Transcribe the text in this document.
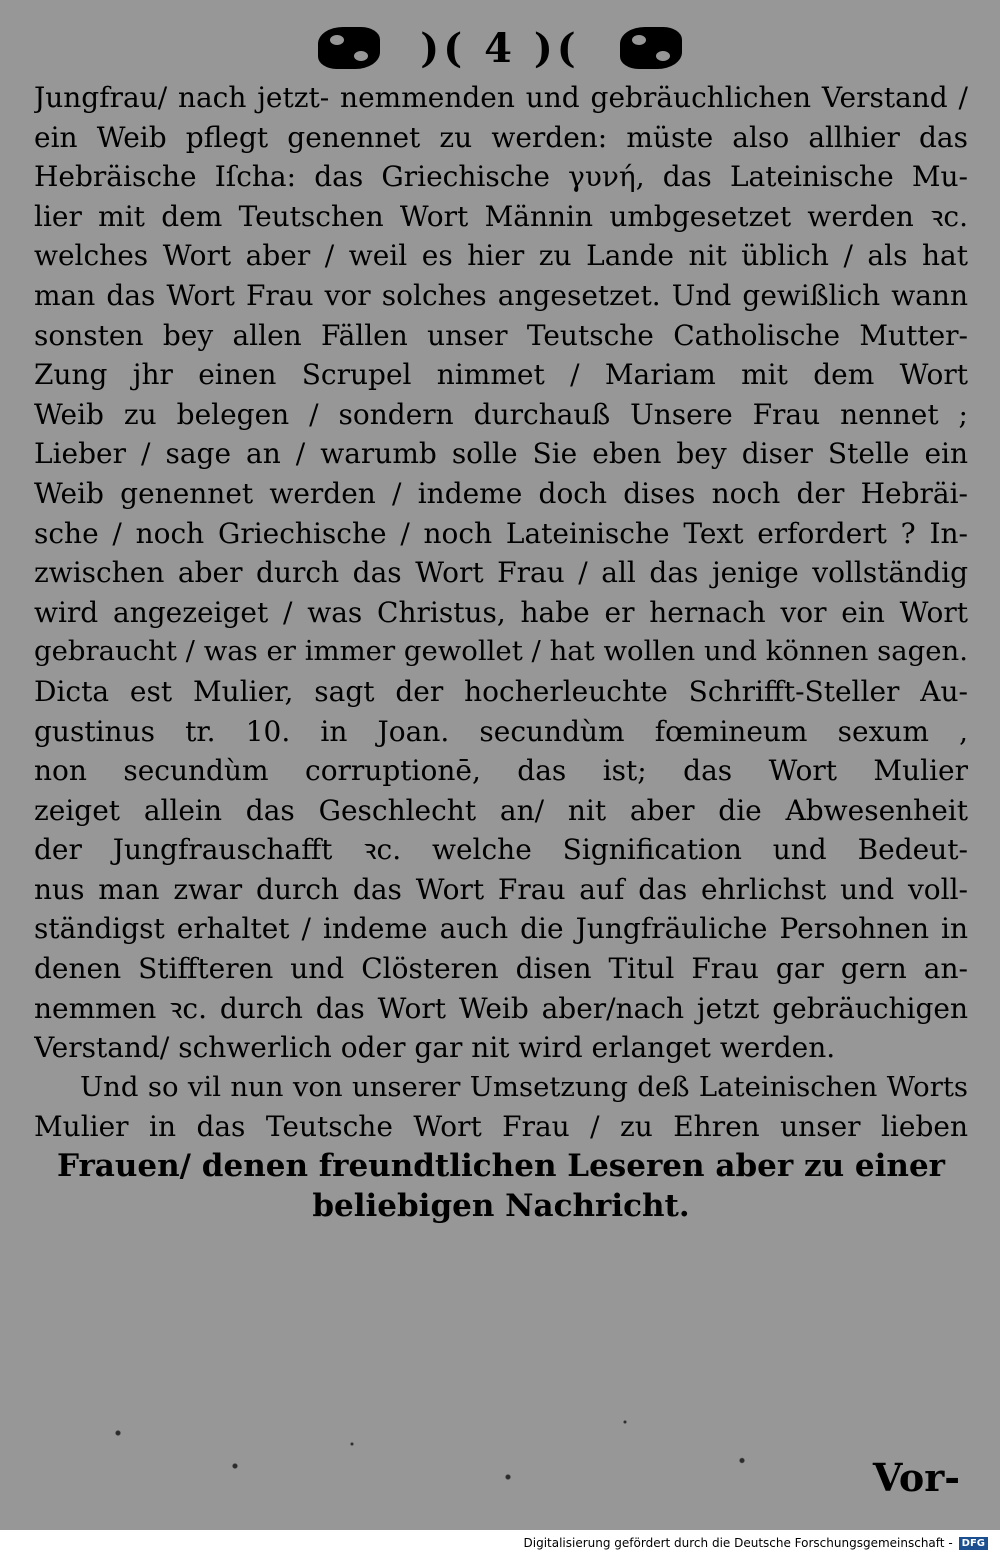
)( 4 )(
Jungfrau/ nach jetzt- nemmenden und gebräuchlichen Verstand /
ein Weib pflegt genennet zu werden: müste also allhier das
Hebräische Iſcha: das Griechische γυνή, das Lateinische Mu-
lier mit dem Teutschen Wort Männin umbgesetzet werden ꝛc.
welches Wort aber / weil es hier zu Lande nit üblich / als hat
man das Wort Frau vor solches angesetzet. Und gewißlich wann
sonsten bey allen Fällen unser Teutsche Catholische Mutter-
Zung jhr einen Scrupel nimmet / Mariam mit dem Wort
Weib zu belegen / sondern durchauß Unsere Frau nennet ;
Lieber / sage an / warumb solle Sie eben bey diser Stelle ein
Weib genennet werden / indeme doch dises noch der Hebräi-
sche / noch Griechische / noch Lateinische Text erfordert ? In-
zwischen aber durch das Wort Frau / all das jenige vollständig
wird angezeiget / was Christus, habe er hernach vor ein Wort
gebraucht / was er immer gewollet / hat wollen und können sagen.
Dicta est Mulier, sagt der hocherleuchte Schrifft-Steller Au-
gustinus tr. 10. in Joan. secundùm fœmineum sexum ,
non secundùm corruptionē, das ist; das Wort Mulier
zeiget allein das Geschlecht an/ nit aber die Abwesenheit
der Jungfrauschafft ꝛc. welche Signification und Bedeut-
nus man zwar durch das Wort Frau auf das ehrlichst und voll-
ständigst erhaltet / indeme auch die Jungfräuliche Persohnen in
denen Stiffteren und Clösteren disen Titul Frau gar gern an-
nemmen ꝛc. durch das Wort Weib aber/nach jetzt gebräuchigen
Verstand/ schwerlich oder gar nit wird erlanget werden.
Und so vil nun von unserer Umsetzung deß Lateinischen Worts
Mulier in das Teutsche Wort Frau / zu Ehren unser lieben
Frauen/ denen freundtlichen Leseren aber zu einer
beliebigen Nachricht.
Vor-
Digitalisierung gefördert durch die Deutsche Forschungsgemeinschaft - DFG
